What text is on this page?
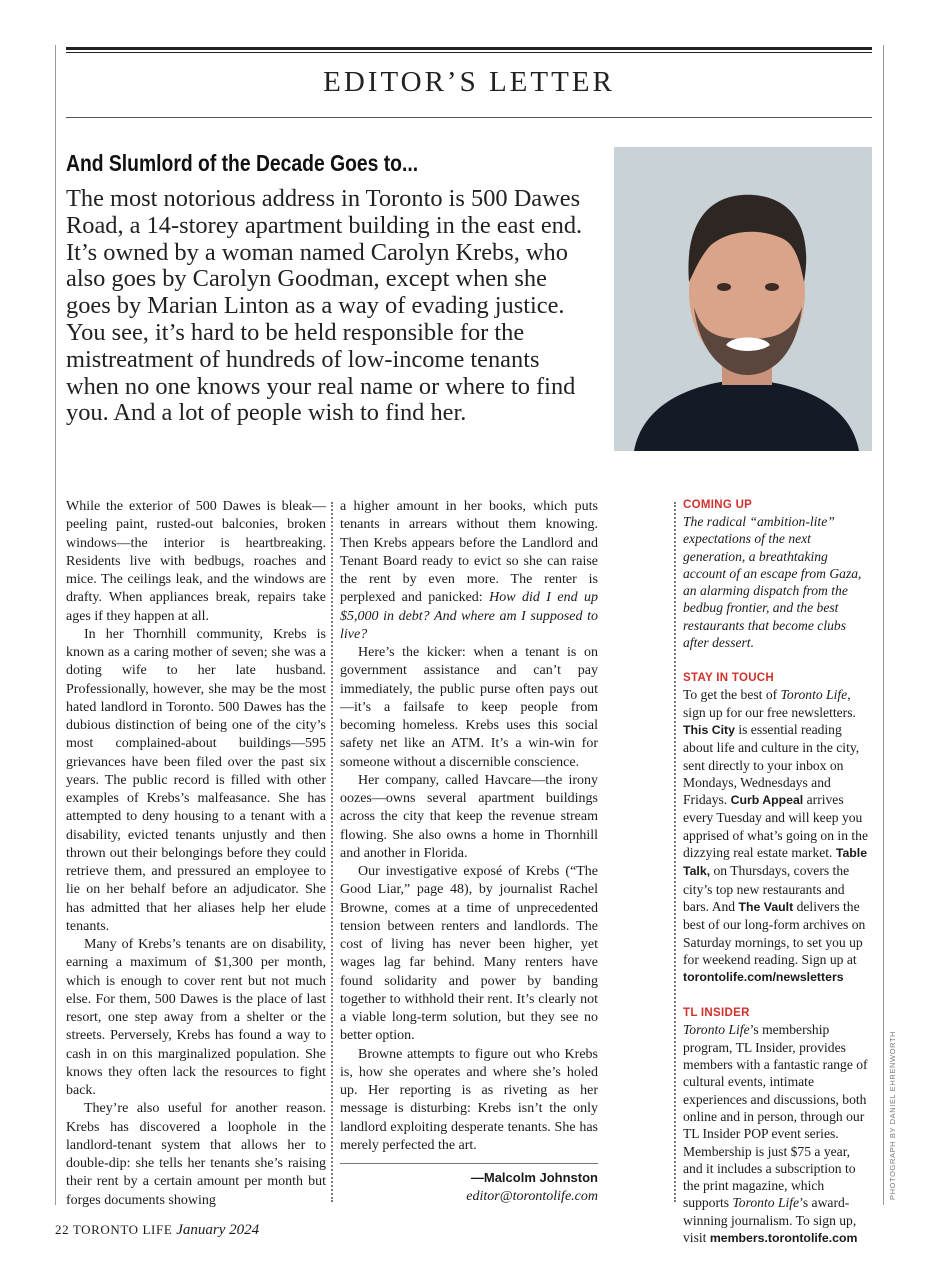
EDITOR’S LETTER
And Slumlord of the Decade Goes to...
The most notorious address in Toronto is 500 Dawes Road, a 14-storey apartment building in the east end. It’s owned by a woman named Carolyn Krebs, who also goes by Carolyn Goodman, except when she goes by Marian Linton as a way of evading justice. You see, it’s hard to be held responsible for the mistreatment of hundreds of low-income tenants when no one knows your real name or where to find you. And a lot of people wish to find her.

While the exterior of 500 Dawes is bleak—peeling paint, rusted-out balconies, broken windows—the interior is heartbreaking. Residents live with bedbugs, roaches and mice. The ceilings leak, and the windows are drafty. When appliances break, repairs take ages if they happen at all.

In her Thornhill community, Krebs is known as a caring mother of seven; she was a doting wife to her late husband. Professionally, however, she may be the most hated landlord in Toronto. 500 Dawes has the dubious distinction of being one of the city’s most complained-about buildings—595 grievances have been filed over the past six years. The public record is filled with other examples of Krebs’s malfeasance. She has attempted to deny housing to a tenant with a disability, evicted tenants unjustly and then thrown out their belongings before they could retrieve them, and pressured an employee to lie on her behalf before an adjudicator. She has admitted that her aliases help her elude tenants.

Many of Krebs’s tenants are on disability, earning a maximum of $1,300 per month, which is enough to cover rent but not much else. For them, 500 Dawes is the place of last resort, one step away from a shelter or the streets. Perversely, Krebs has found a way to cash in on this marginalized population. She knows they often lack the resources to fight back.

They’re also useful for another reason. Krebs has discovered a loophole in the landlord-tenant system that allows her to double-dip: she tells her tenants she’s raising their rent by a certain amount per month but forges documents showing

a higher amount in her books, which puts tenants in arrears without them knowing. Then Krebs appears before the Landlord and Tenant Board ready to evict so she can raise the rent by even more. The renter is perplexed and panicked: How did I end up $5,000 in debt? And where am I supposed to live?

Here’s the kicker: when a tenant is on government assistance and can’t pay immediately, the public purse often pays out—it’s a failsafe to keep people from becoming homeless. Krebs uses this social safety net like an ATM. It’s a win-win for someone without a discernible conscience.

Her company, called Havcare—the irony oozes—owns several apartment buildings across the city that keep the revenue stream flowing. She also owns a home in Thornhill and another in Florida.

Our investigative exposé of Krebs (“The Good Liar,” page 48), by journalist Rachel Browne, comes at a time of unprecedented tension between renters and landlords. The cost of living has never been higher, yet wages lag far behind. Many renters have found solidarity and power by banding together to withhold their rent. It’s clearly not a viable long-term solution, but they see no better option.

Browne attempts to figure out who Krebs is, how she operates and where she’s holed up. Her reporting is as riveting as her message is disturbing: Krebs isn’t the only landlord exploiting desperate tenants. She has merely perfected the art.

COMING UP

The radical “ambition-lite” expectations of the next generation, a breathtaking account of an escape from Gaza, an alarming dispatch from the bedbug frontier, and the best restaurants that become clubs after dessert.

STAY IN TOUCH

To get the best of Toronto Life, sign up for our free newsletters. This City is essential reading about life and culture in the city, sent directly to your inbox on Mondays, Wednesdays and Fridays. Curb Appeal arrives every Tuesday and will keep you apprised of what’s going on in the dizzying real estate market. Table Talk, on Thursdays, covers the city’s top new restaurants and bars. And The Vault delivers the best of our long-form archives on Saturday mornings, to set you up for weekend reading. Sign up at torontolife.com/newsletters

TL INSIDER

Toronto Life’s membership program, TL Insider, provides members with a fantastic range of cultural events, intimate experiences and discussions, both online and in person, through our TL Insider POP event series. Membership is just $75 a year, and it includes a subscription to the print magazine, which supports Toronto Life’s award-winning journalism. To sign up, visit members.torontolife.com

—Malcolm Johnston
editor@torontolife.com
22 TORONTO LIFE January 2024
PHOTOGRAPH BY DANIEL EHRENWORTH
